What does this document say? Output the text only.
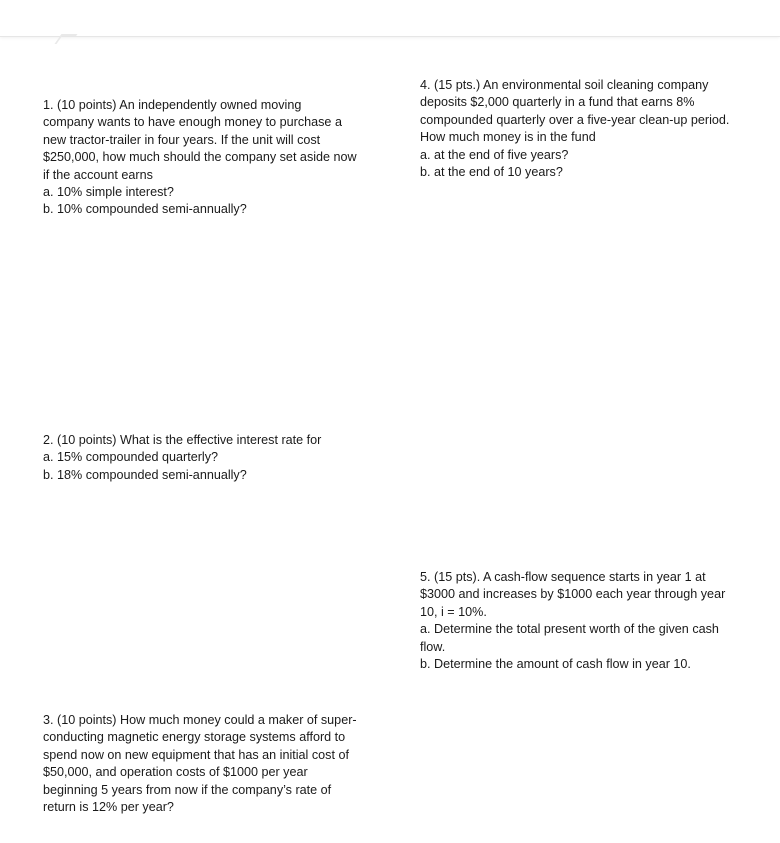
1. (10 points) An independently owned moving
company wants to have enough money to purchase a
new tractor-trailer in four years. If the unit will cost
$250,000, how much should the company set aside now
if the account earns
a. 10% simple interest?
b. 10% compounded semi-annually?
2. (10 points) What is the effective interest rate for
a. 15% compounded quarterly?
b. 18% compounded semi-annually?
3. (10 points) How much money could a maker of super-
conducting magnetic energy storage systems afford to
spend now on new equipment that has an initial cost of
$50,000, and operation costs of $1000 per year
beginning 5 years from now if the company’s rate of
return is 12% per year?
4. (15 pts.) An environmental soil cleaning company
deposits $2,000 quarterly in a fund that earns 8%
compounded quarterly over a five-year clean-up period.
How much money is in the fund
a. at the end of five years?
b. at the end of 10 years?
5. (15 pts). A cash-flow sequence starts in year 1 at
$3000 and increases by $1000 each year through year
10, i = 10%.
a. Determine the total present worth of the given cash
flow.
b. Determine the amount of cash flow in year 10.
